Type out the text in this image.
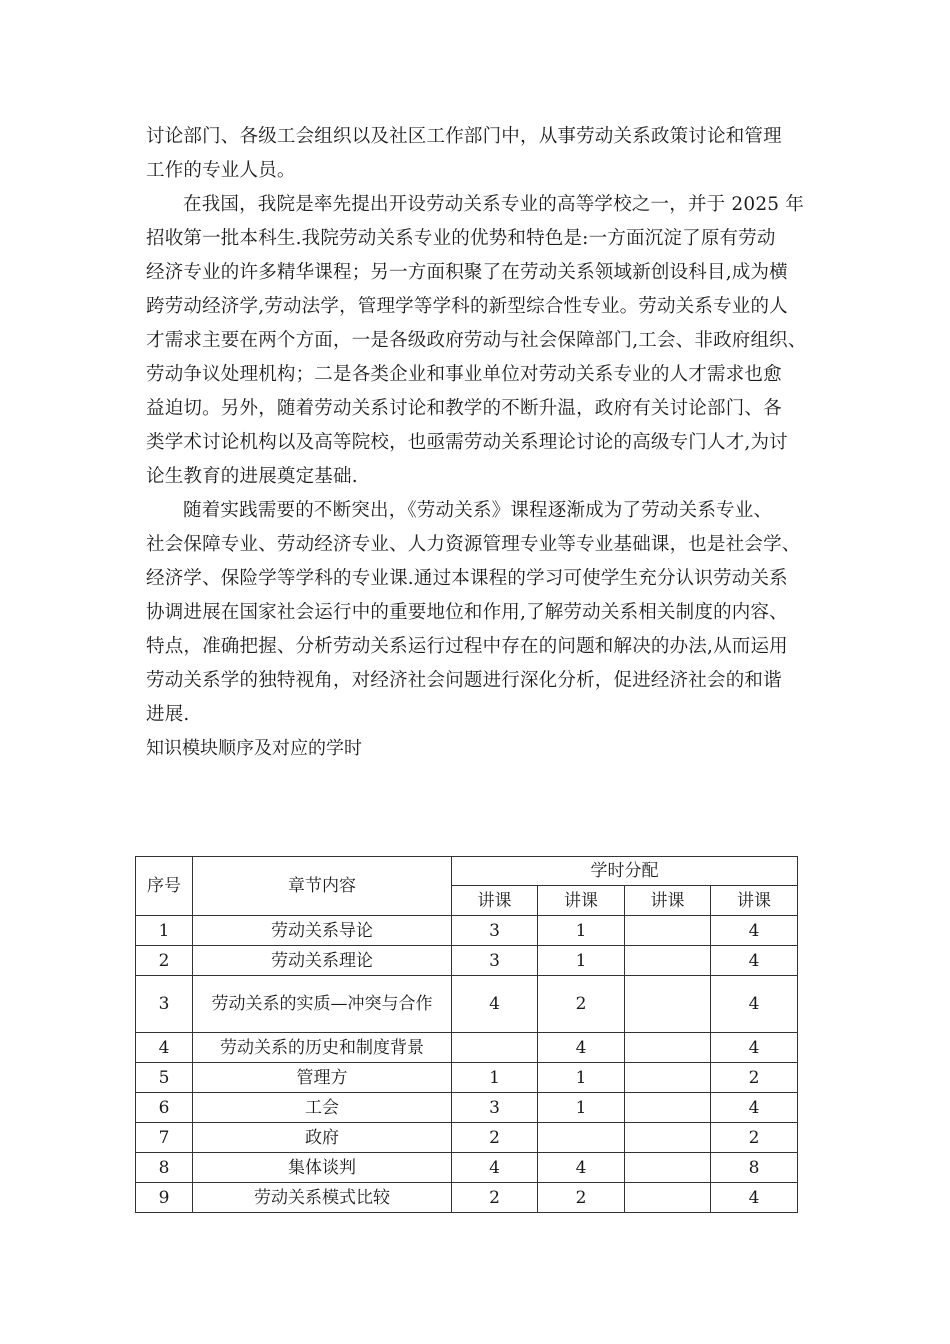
讨论部门、各级工会组织以及社区工作部门中，从事劳动关系政策讨论和管理
工作的专业人员。
在我国，我院是率先提出开设劳动关系专业的高等学校之一，并于 2025 年
招收第一批本科生.我院劳动关系专业的优势和特色是:一方面沉淀了原有劳动
经济专业的许多精华课程；另一方面积聚了在劳动关系领域新创设科目,成为横
跨劳动经济学,劳动法学，管理学等学科的新型综合性专业。劳动关系专业的人
才需求主要在两个方面，一是各级政府劳动与社会保障部门,工会、非政府组织、
劳动争议处理机构；二是各类企业和事业单位对劳动关系专业的人才需求也愈
益迫切。另外，随着劳动关系讨论和教学的不断升温，政府有关讨论部门、各
类学术讨论机构以及高等院校，也亟需劳动关系理论讨论的高级专门人才,为讨
论生教育的进展奠定基础.
随着实践需要的不断突出，《劳动关系》课程逐渐成为了劳动关系专业、
社会保障专业、劳动经济专业、人力资源管理专业等专业基础课，也是社会学、
经济学、保险学等学科的专业课.通过本课程的学习可使学生充分认识劳动关系
协调进展在国家社会运行中的重要地位和作用,了解劳动关系相关制度的内容、
特点，准确把握、分析劳动关系运行过程中存在的问题和解决的办法,从而运用
劳动关系学的独特视角，对经济社会问题进行深化分析，促进经济社会的和谐
进展.
知识模块顺序及对应的学时
序号	章节内容	学时分配			
		讲课	讲课	讲课	讲课
1	劳动关系导论	3	1		4
2	劳动关系理论	3	1		4
3	劳动关系的实质—冲突与合作	4	2		4
4	劳动关系的历史和制度背景		4		4
5	管理方	1	1		2
6	工会	3	1		4
7	政府	2			2
8	集体谈判	4	4		8
9	劳动关系模式比较	2	2		4
